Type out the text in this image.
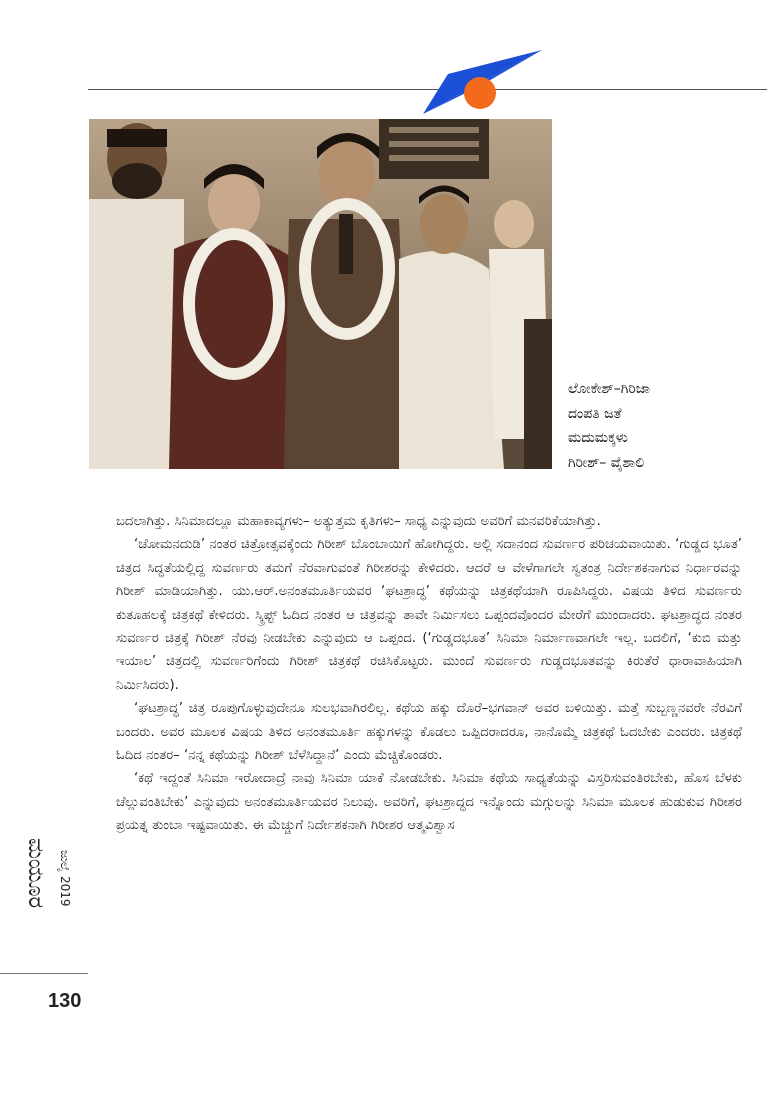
ಲೋಕೇಶ್–ಗಿರಿಜಾ
ದಂಪತಿ ಜತೆ
ಮದುಮಕ್ಕಳು
ಗಿರೀಶ್– ವೈಶಾಲಿ

ಬದಲಾಗಿತ್ತು. ಸಿನಿಮಾದಲ್ಲೂ ಮಹಾಕಾವ್ಯಗಳು– ಅತ್ಯುತ್ತಮ ಕೃತಿಗಳು– ಸಾಧ್ಯ ಎನ್ನುವುದು ಅವರಿಗೆ ಮನವರಿಕೆಯಾಗಿತ್ತು.

‘ಚೋಮನದುಡಿ’ ನಂತರ ಚಿತ್ರೋತ್ಸವಕ್ಕೆಂದು ಗಿರೀಶ್ ಬೊಂಬಾಯಿಗೆ ಹೋಗಿದ್ದರು. ಅಲ್ಲಿ ಸದಾನಂದ ಸುವರ್ಣರ ಪರಿಚಯವಾಯಿತು. ‘ಗುಡ್ಡದ ಭೂತ’ ಚಿತ್ರದ ಸಿದ್ಧತೆಯಲ್ಲಿದ್ದ ಸುವರ್ಣರು ತಮಗೆ ನೆರವಾಗುವಂತೆ ಗಿರೀಶರನ್ನು ಕೇಳಿದರು. ಆದರೆ ಆ ವೇಳೆಗಾಗಲೇ ಸ್ವತಂತ್ರ ನಿರ್ದೇಶಕನಾಗುವ ನಿರ್ಧಾರವನ್ನು ಗಿರೀಶ್ ಮಾಡಿಯಾಗಿತ್ತು. ಯು.ಆರ್.ಅನಂತಮೂರ್ತಿಯವರ ‘ಘಟಶ್ರಾದ್ಧ’ ಕಥೆಯನ್ನು ಚಿತ್ರಕಥೆಯಾಗಿ ರೂಪಿಸಿದ್ದರು. ವಿಷಯ ತಿಳಿದ ಸುವರ್ಣರು ಕುತೂಹಲಕ್ಕೆ ಚಿತ್ರಕಥೆ ಕೇಳಿದರು. ಸ್ಕ್ರಿಪ್ಟ್ ಓದಿದ ನಂತರ ಆ ಚಿತ್ರವನ್ನು ತಾವೇ ನಿರ್ಮಿಸಲು ಒಪ್ಪಂದವೊಂದರ ಮೇರೆಗೆ ಮುಂದಾದರು. ಘಟಶ್ರಾದ್ಧದ ನಂತರ ಸುವರ್ಣರ ಚಿತ್ರಕ್ಕೆ ಗಿರೀಶ್ ನೆರವು ನೀಡಬೇಕು ಎನ್ನುವುದು ಆ ಒಪ್ಪಂದ. (‘ಗುಡ್ಡದಭೂತ’ ಸಿನಿಮಾ ನಿರ್ಮಾಣವಾಗಲೇ ಇಲ್ಲ. ಬದಲಿಗೆ, ‘ಕುಬಿ ಮತ್ತು ಇಯಾಲ’ ಚಿತ್ರದಲ್ಲಿ ಸುವರ್ಣರಿಗೆಂದು ಗಿರೀಶ್ ಚಿತ್ರಕಥೆ ರಚಿಸಿಕೊಟ್ಟರು. ಮುಂದೆ ಸುವರ್ಣರು ಗುಡ್ಡದಭೂತವನ್ನು ಕಿರುತೆರೆ ಧಾರಾವಾಹಿಯಾಗಿ ನಿರ್ಮಿಸಿದರು).

‘ಘಟಶ್ರಾದ್ಧ’ ಚಿತ್ರ ರೂಪುಗೊಳ್ಳುವುದೇನೂ ಸುಲಭವಾಗಿರಲಿಲ್ಲ. ಕಥೆಯ ಹಕ್ಕು ದೊರೆ–ಭಗವಾನ್ ಅವರ ಬಳಿಯಿತ್ತು. ಮತ್ತೆ ಸುಬ್ಬಣ್ಣನವರೇ ನೆರವಿಗೆ ಬಂದರು. ಅವರ ಮೂಲಕ ವಿಷಯ ತಿಳಿದ ಅನಂತಮೂರ್ತಿ ಹಕ್ಕುಗಳನ್ನು ಕೊಡಲು ಒಪ್ಪಿದರಾದರೂ, ನಾನೊಮ್ಮೆ ಚಿತ್ರಕಥೆ ಓದಬೇಕು ಎಂದರು. ಚಿತ್ರಕಥೆ ಓದಿದ ನಂತರ– ‘ನನ್ನ ಕಥೆಯನ್ನು ಗಿರೀಶ್ ಬೆಳೆಸಿದ್ದಾನೆ’ ಎಂದು ಮೆಚ್ಚಿಕೊಂಡರು.

‘ಕಥೆ ಇದ್ದಂತೆ ಸಿನಿಮಾ ಇರೋದಾದ್ರೆ ನಾವು ಸಿನಿಮಾ ಯಾಕೆ ನೋಡಬೇಕು. ಸಿನಿಮಾ ಕಥೆಯ ಸಾಧ್ಯತೆಯನ್ನು ವಿಸ್ತರಿಸುವಂತಿರಬೇಕು, ಹೊಸ ಬೆಳಕು ಚೆಲ್ಲುವಂತಿಬೇಕು’ ಎನ್ನುವುದು ಅನಂತಮೂರ್ತಿಯವರ ನಿಲುವು. ಅವರಿಗೆ, ಘಟಶ್ರಾದ್ಧದ ಇನ್ನೊಂದು ಮಗ್ಗುಲನ್ನು ಸಿನಿಮಾ ಮೂಲಕ ಹುಡುಕುವ ಗಿರೀಶರ ಪ್ರಯತ್ನ ತುಂಬಾ ಇಷ್ಟವಾಯಿತು. ಈ ಮೆಚ್ಚುಗೆ ನಿರ್ದೇಶಕನಾಗಿ ಗಿರೀಶರ ಆತ್ಮವಿಶ್ವಾಸ

ಮಯೂರ ಜುಲೈ 2019
130
